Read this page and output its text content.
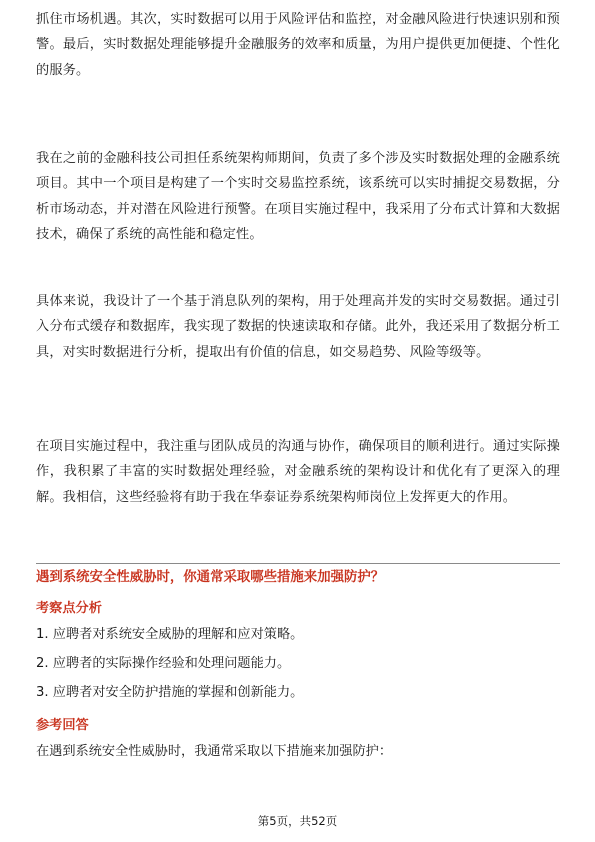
抓住市场机遇。其次，实时数据可以用于风险评估和监控，对金融风险进行快速识别和预警。最后，实时数据处理能够提升金融服务的效率和质量，为用户提供更加便捷、个性化的服务。

我在之前的金融科技公司担任系统架构师期间，负责了多个涉及实时数据处理的金融系统项目。其中一个项目是构建了一个实时交易监控系统，该系统可以实时捕捉交易数据，分析市场动态，并对潜在风险进行预警。在项目实施过程中，我采用了分布式计算和大数据技术，确保了系统的高性能和稳定性。

具体来说，我设计了一个基于消息队列的架构，用于处理高并发的实时交易数据。通过引入分布式缓存和数据库，我实现了数据的快速读取和存储。此外，我还采用了数据分析工具，对实时数据进行分析，提取出有价值的信息，如交易趋势、风险等级等。

在项目实施过程中，我注重与团队成员的沟通与协作，确保项目的顺利进行。通过实际操作，我积累了丰富的实时数据处理经验，对金融系统的架构设计和优化有了更深入的理解。我相信，这些经验将有助于我在华泰证券系统架构师岗位上发挥更大的作用。

遇到系统安全性威胁时，你通常采取哪些措施来加强防护？

考察点分析

1. 应聘者对系统安全威胁的理解和应对策略。

2. 应聘者的实际操作经验和处理问题能力。

3. 应聘者对安全防护措施的掌握和创新能力。

参考回答

在遇到系统安全性威胁时，我通常采取以下措施来加强防护：

第5页，共52页
